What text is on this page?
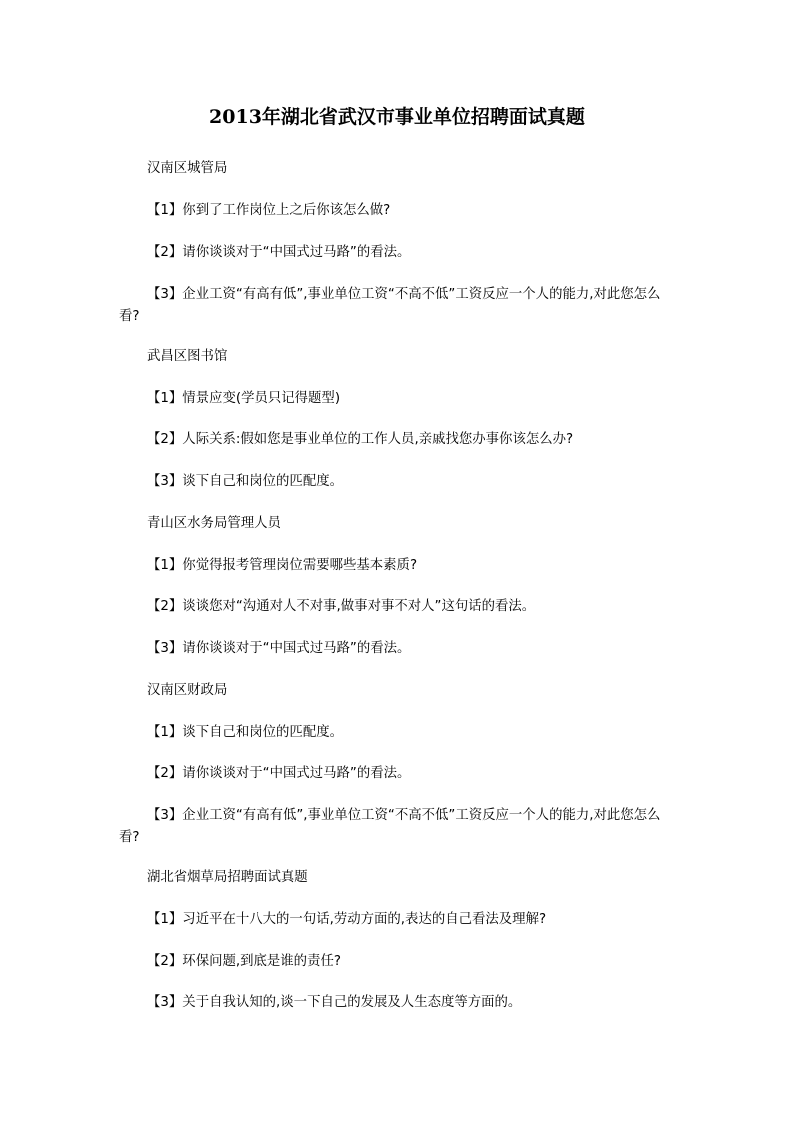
2013年湖北省武汉市事业单位招聘面试真题

汉南区城管局

【1】你到了工作岗位上之后你该怎么做?

【2】请你谈谈对于“中国式过马路”的看法。

【3】企业工资“有高有低”,事业单位工资“不高不低”工资反应一个人的能力,对此您怎么看?

武昌区图书馆

【1】情景应变(学员只记得题型)

【2】人际关系:假如您是事业单位的工作人员,亲戚找您办事你该怎么办?

【3】谈下自己和岗位的匹配度。

青山区水务局管理人员

【1】你觉得报考管理岗位需要哪些基本素质?

【2】谈谈您对“沟通对人不对事,做事对事不对人”这句话的看法。

【3】请你谈谈对于“中国式过马路”的看法。

汉南区财政局

【1】谈下自己和岗位的匹配度。

【2】请你谈谈对于“中国式过马路”的看法。

【3】企业工资“有高有低”,事业单位工资“不高不低”工资反应一个人的能力,对此您怎么看?

湖北省烟草局招聘面试真题

【1】习近平在十八大的一句话,劳动方面的,表达的自己看法及理解?

【2】环保问题,到底是谁的责任?

【3】关于自我认知的,谈一下自己的发展及人生态度等方面的。
